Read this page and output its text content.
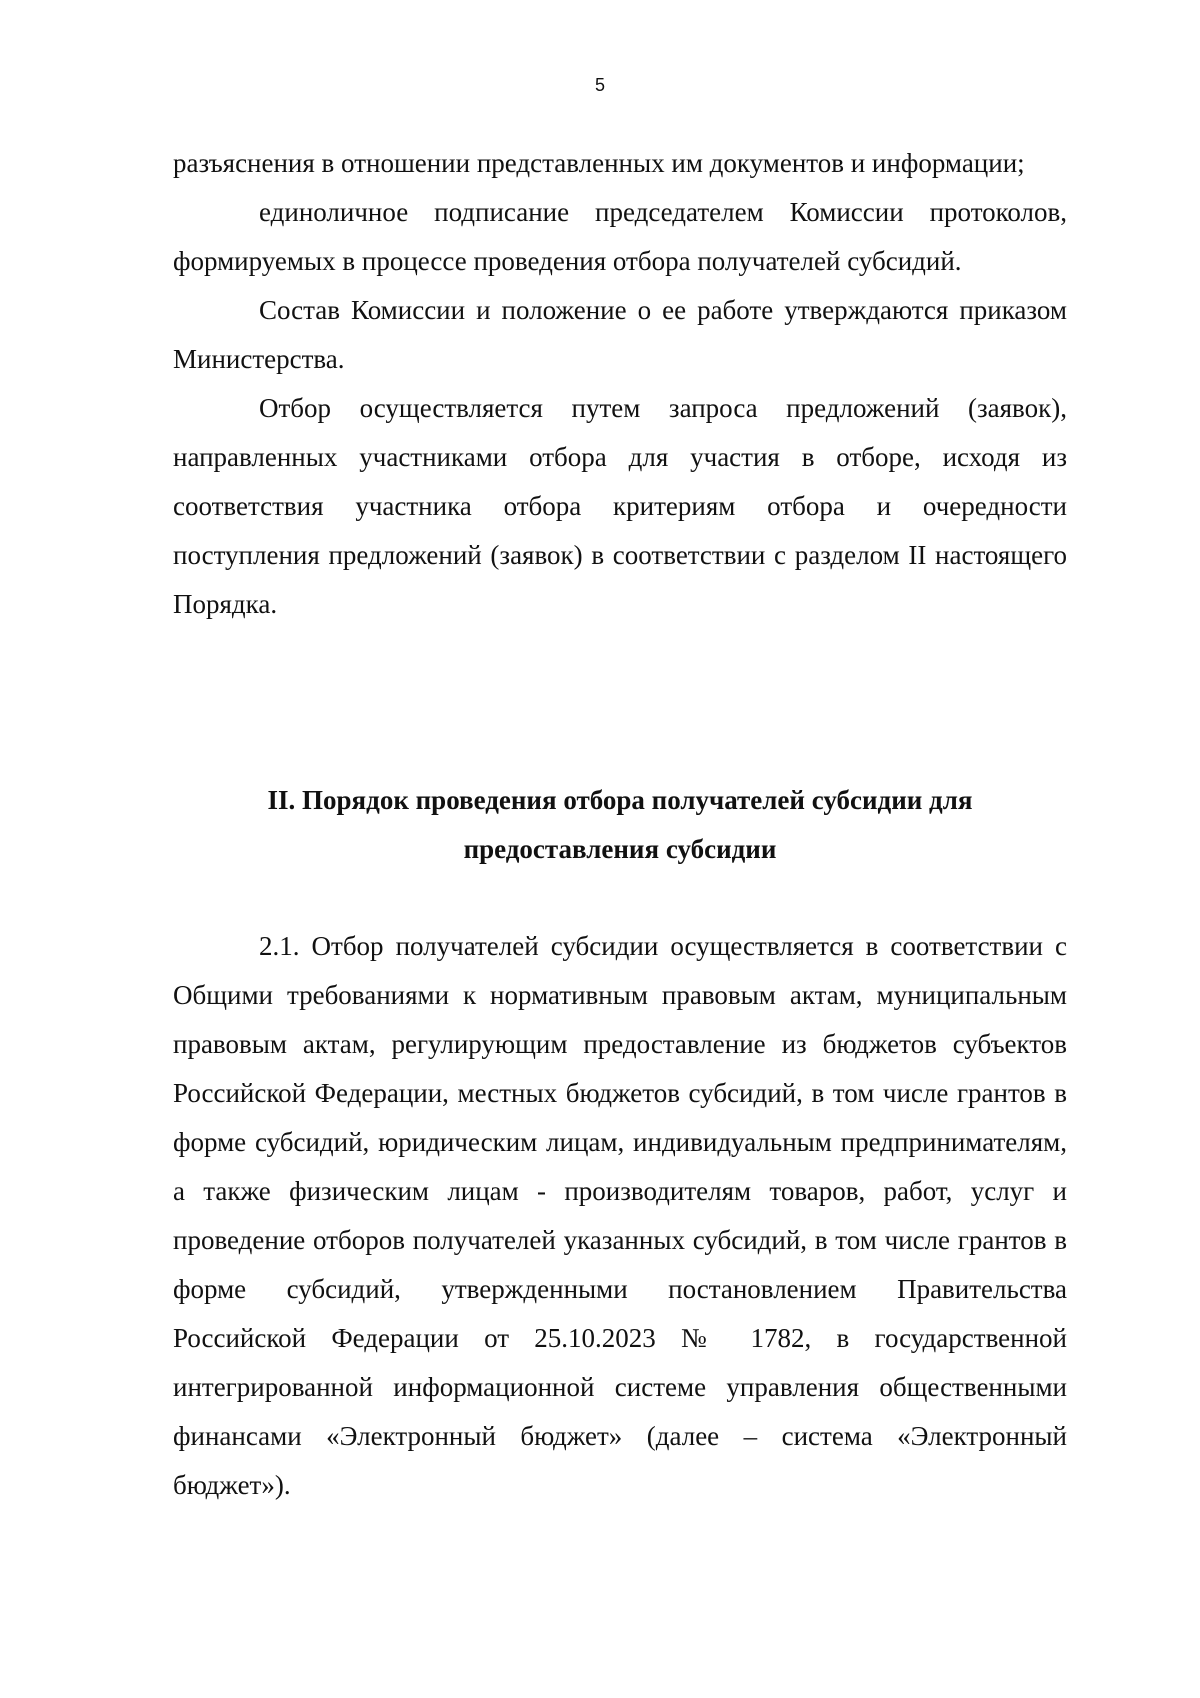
5

разъяснения в отношении представленных им документов и информации;

единоличное подписание председателем Комиссии протоколов, формируемых в процессе проведения отбора получателей субсидий.

Состав Комиссии и положение о ее работе утверждаются приказом Министерства.

Отбор осуществляется путем запроса предложений (заявок), направленных участниками отбора для участия в отборе, исходя из соответствия участника отбора критериям отбора и очередности поступления предложений (заявок) в соответствии с разделом II настоящего Порядка.

II. Порядок проведения отбора получателей субсидии для
предоставления субсидии

2.1. Отбор получателей субсидии осуществляется в соответствии с Общими требованиями к нормативным правовым актам, муниципальным правовым актам, регулирующим предоставление из бюджетов субъектов Российской Федерации, местных бюджетов субсидий, в том числе грантов в форме субсидий, юридическим лицам, индивидуальным предпринимателям, а также физическим лицам - производителям товаров, работ, услуг и проведение отборов получателей указанных субсидий, в том числе грантов в форме субсидий, утвержденными постановлением Правительства Российской Федерации от 25.10.2023 № 1782, в государственной интегрированной информационной системе управления общественными финансами «Электронный бюджет» (далее – система «Электронный бюджет»).
